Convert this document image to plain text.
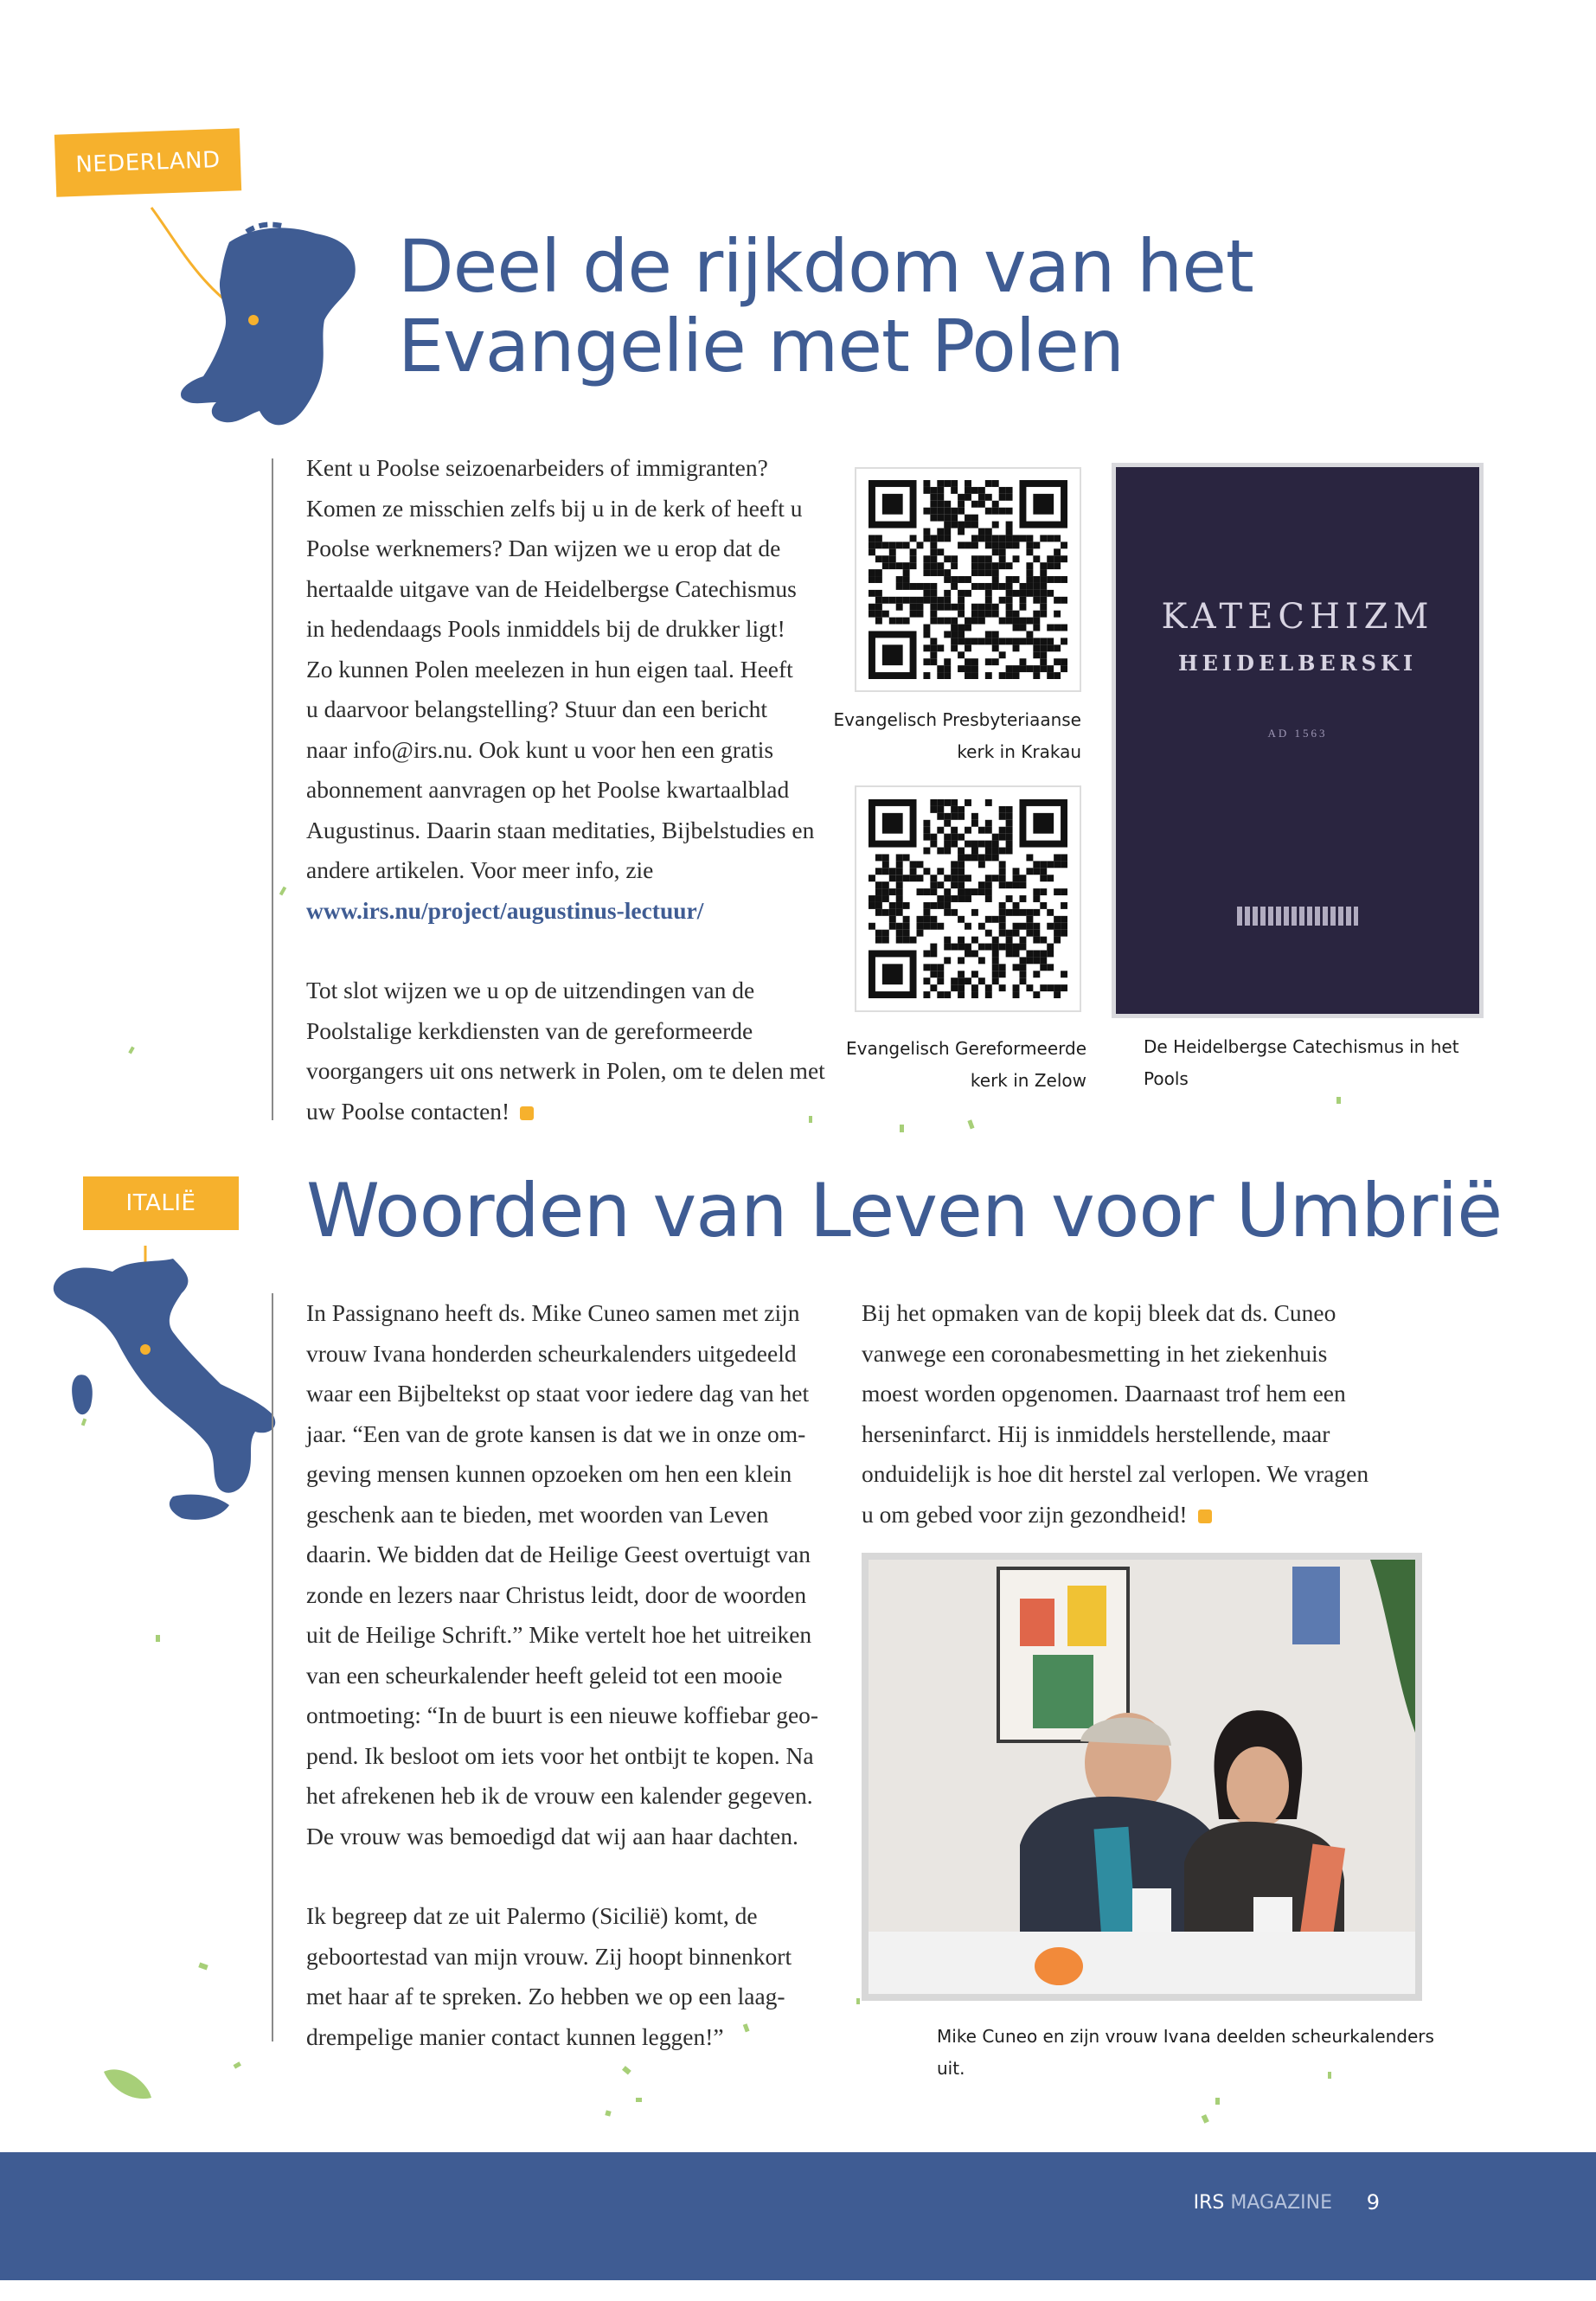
NEDERLAND
Deel de rijkdom van het
Evangelie met Polen

Kent u Poolse seizoenarbeiders of immigranten?

Komen ze misschien zelfs bij u in de kerk of heeft u

Poolse werknemers? Dan wijzen we u erop dat de

hertaalde uitgave van de Heidelbergse Catechismus

in hedendaags Pools inmiddels bij de drukker ligt!

Zo kunnen Polen meelezen in hun eigen taal. Heeft

u daarvoor belangstelling? Stuur dan een bericht

naar info@irs.nu. Ook kunt u voor hen een gratis

abonnement aanvragen op het Poolse kwartaalblad

Augustinus. Daarin staan meditaties, Bijbelstudies en

andere artikelen. Voor meer info, zie

www.irs.nu/project/augustinus-lectuur/

Tot slot wijzen we u op de uitzendingen van de

Poolstalige kerkdiensten van de gereformeerde

voorgangers uit ons netwerk in Polen, om te delen met

uw Poolse contacten!

Evangelisch Presbyteriaanse
kerk in Krakau
Evangelisch Gereformeerde
kerk in Zelow
KATECHIZM
HEIDELBERSKI
AD 1563
De Heidelbergse Catechismus in het Pools
ITALIË	Woorden van Leven voor Umbrië

In Passignano heeft ds. Mike Cuneo samen met zijn

vrouw Ivana honderden scheurkalenders uitgedeeld

waar een Bijbeltekst op staat voor iedere dag van het

jaar. “Een van de grote kansen is dat we in onze om-

geving mensen kunnen opzoeken om hen een klein

geschenk aan te bieden, met woorden van Leven

daarin. We bidden dat de Heilige Geest overtuigt van

zonde en lezers naar Christus leidt, door de woorden

uit de Heilige Schrift.” Mike vertelt hoe het uitreiken

van een scheurkalender heeft geleid tot een mooie

ontmoeting: “In de buurt is een nieuwe koffiebar geo-

pend. Ik besloot om iets voor het ontbijt te kopen. Na

het afrekenen heb ik de vrouw een kalender gegeven.

De vrouw was bemoedigd dat wij aan haar dachten.

Ik begreep dat ze uit Palermo (Sicilië) komt, de

geboortestad van mijn vrouw. Zij hoopt binnenkort

met haar af te spreken. Zo hebben we op een laag-

drempelige manier contact kunnen leggen!”

Bij het opmaken van de kopij bleek dat ds. Cuneo

vanwege een coronabesmetting in het ziekenhuis

moest worden opgenomen. Daarnaast trof hem een

herseninfarct. Hij is inmiddels herstellende, maar

onduidelijk is hoe dit herstel zal verlopen. We vragen

u om gebed voor zijn gezondheid!

Mike Cuneo en zijn vrouw Ivana deelden scheurkalenders uit.
IRS MAGAZINE 9
